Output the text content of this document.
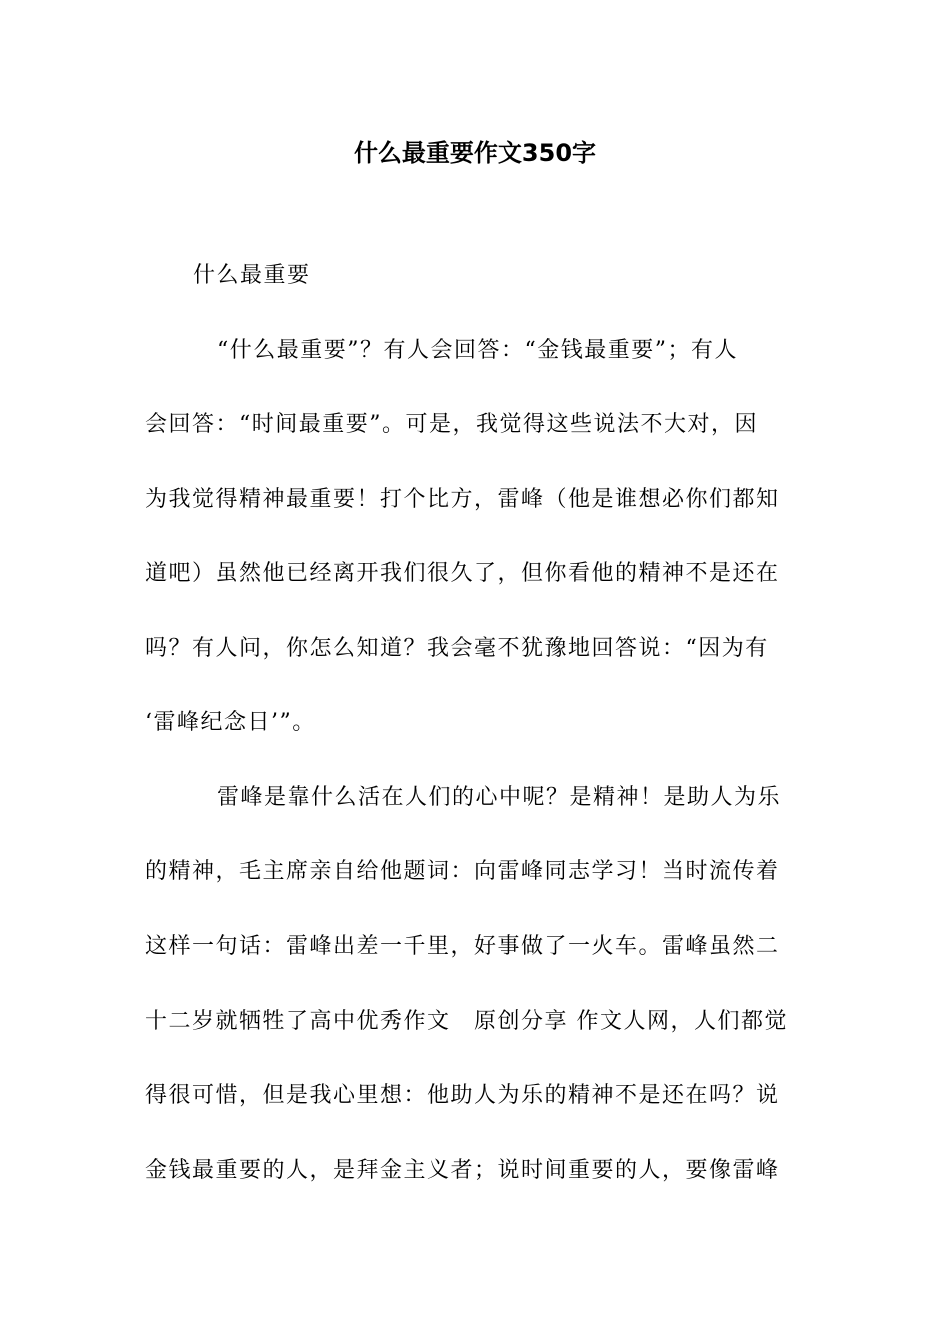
什么最重要作文350字
什么最重要
“什么最重要”？有人会回答：“金钱最重要”；有人
会回答：“时间最重要”。可是，我觉得这些说法不大对，因
为我觉得精神最重要！打个比方，雷峰（他是谁想必你们都知
道吧）虽然他已经离开我们很久了，但你看他的精神不是还在
吗？有人问，你怎么知道？我会毫不犹豫地回答说：“因为有
‘雷峰纪念日’”。
雷峰是靠什么活在人们的心中呢？是精神！是助人为乐
的精神，毛主席亲自给他题词：向雷峰同志学习！当时流传着
这样一句话：雷峰出差一千里，好事做了一火车。雷峰虽然二
十二岁就牺牲了高中优秀作文　原创分享 作文人网，人们都觉
得很可惜，但是我心里想：他助人为乐的精神不是还在吗？说
金钱最重要的人，是拜金主义者；说时间重要的人，要像雷峰
